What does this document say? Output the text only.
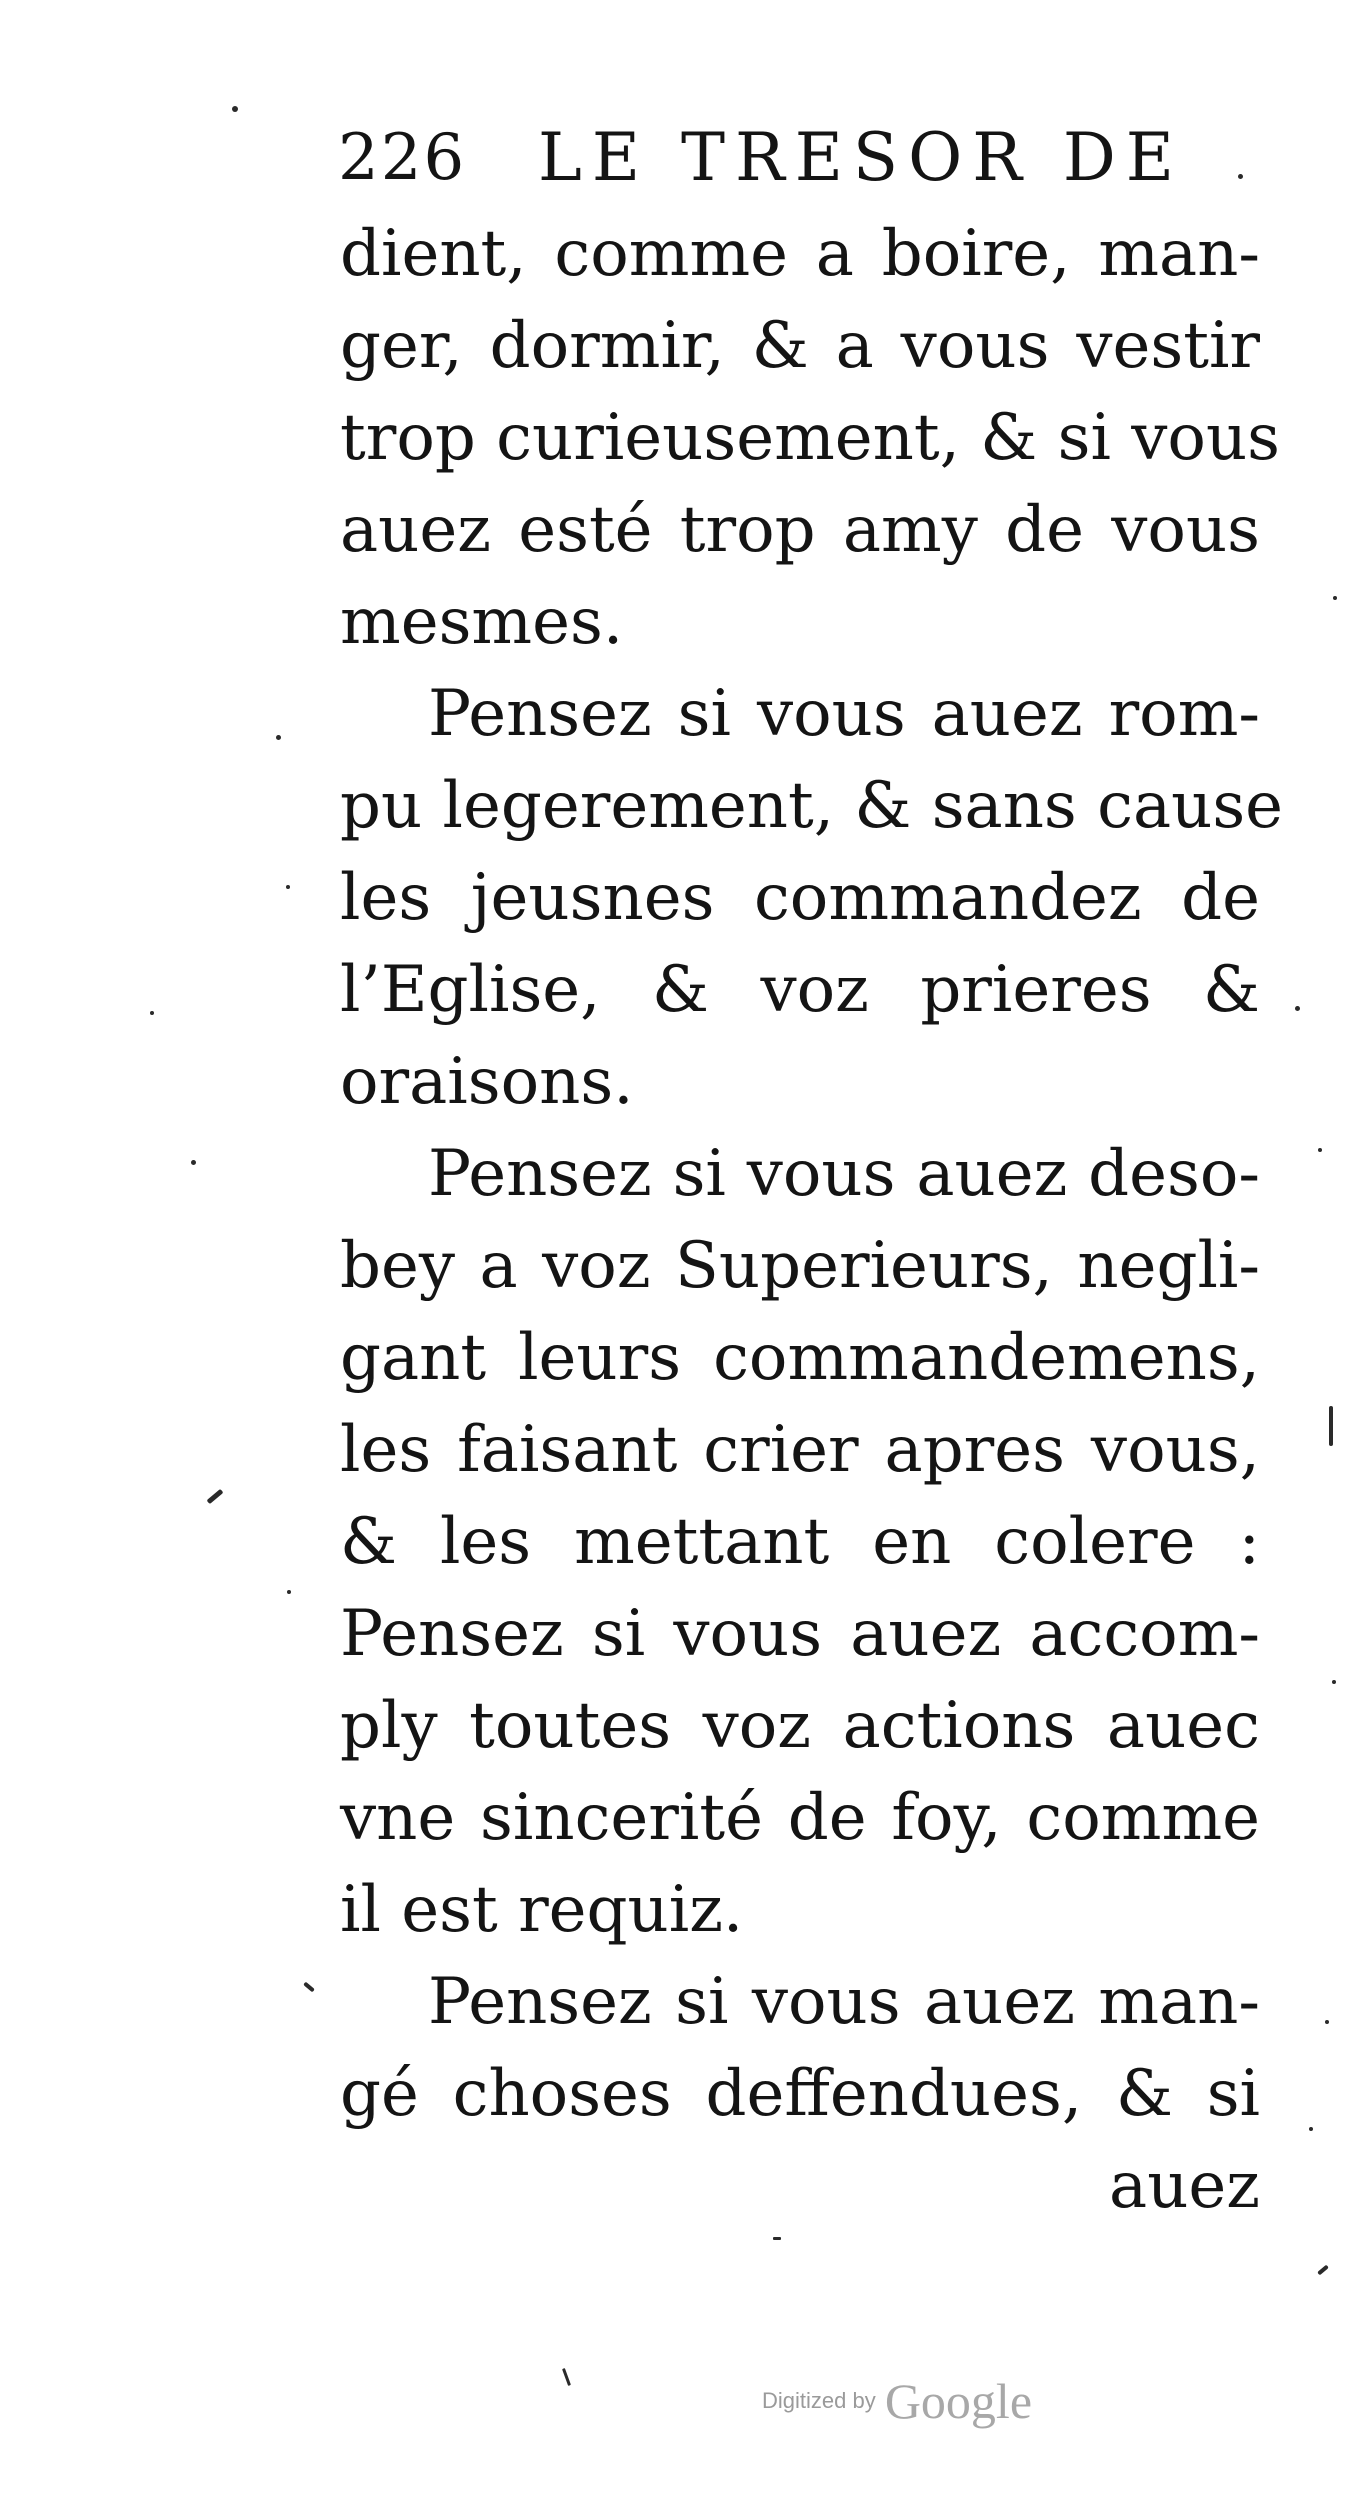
226 LE TRESOR DE
dient, comme a boire, man-
ger, dormir, & a vous vestir
trop curieusement, & si vous
auez esté trop amy de vous
mesmes.
Pensez si vous auez rom-
pu legerement, & sans cause
les jeusnes commandez de
l’Eglise, & voz prieres &
oraisons.
Pensez si vous auez deso-
bey a voz Superieurs, negli-
gant leurs commandemens,
les faisant crier apres vous,
& les mettant en colere :
Pensez si vous auez accom-
ply toutes voz actions auec
vne sincerité de foy, comme
il est requiz.
Pensez si vous auez man-
gé choses deffendues, & si
auez
Digitized by Google
